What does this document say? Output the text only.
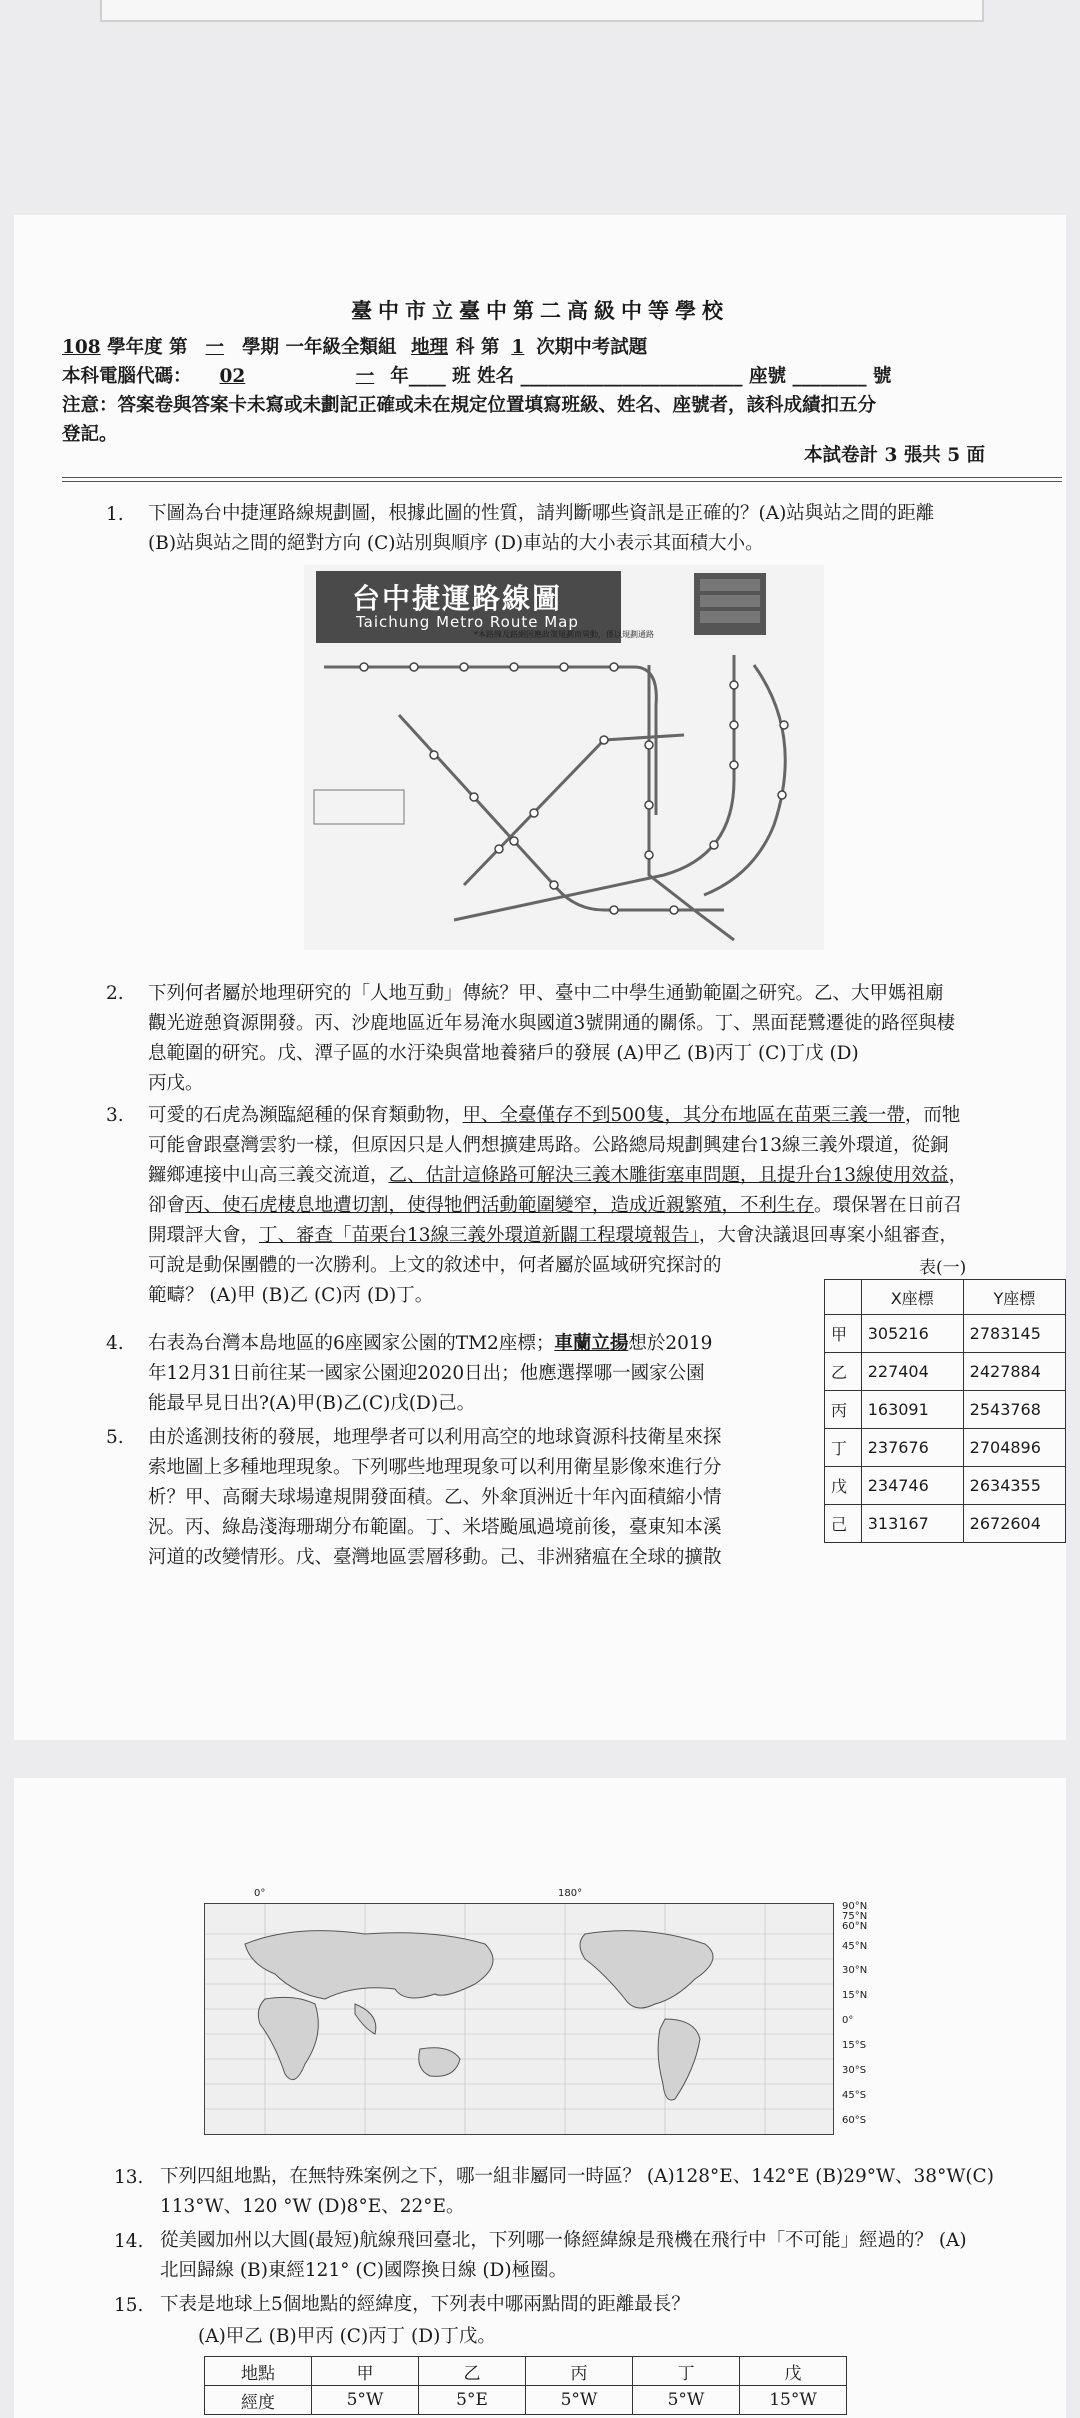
臺中市立臺中第二高級中等學校

108 學年度 第 一 學期 一年級全類組 地理 科 第 1 次期中考試題

本科電腦代碼： 02	一 年____ 班 姓名 ________________________ 座號 ________ 號

注意：答案卷與答案卡未寫或未劃記正確或未在規定位置填寫班級、姓名、座號者，該科成績扣五分

登記。

本試卷計 3 張共 5 面

1. 下圖為台中捷運路線規劃圖，根據此圖的性質，請判斷哪些資訊是正確的？(A)站與站之間的距離

(B)站與站之間的絕對方向 (C)站別與順序 (D)車站的大小表示其面積大小。

台中捷運路線圖
Taichung Metro Route Map
*本路線及路網因應政策規劃而異動，係以規劃通路
2. 下列何者屬於地理研究的「人地互動」傳統？甲、臺中二中學生通勤範圍之研究。乙、大甲媽祖廟

觀光遊憩資源開發。丙、沙鹿地區近年易淹水與國道3號開通的關係。丁、黑面琵鷺遷徙的路徑與棲

息範圍的研究。戊、潭子區的水汙染與當地養豬戶的發展 (A)甲乙 (B)丙丁 (C)丁戊 (D)

丙戊。

3. 可愛的石虎為瀕臨絕種的保育類動物，甲、全臺僅存不到500隻，其分布地區在苗栗三義一帶，而牠

可能會跟臺灣雲豹一樣，但原因只是人們想擴建馬路。公路總局規劃興建台13線三義外環道，從銅

鑼鄉連接中山高三義交流道，乙、估計這條路可解決三義木雕街塞車問題，且提升台13線使用效益，

卻會丙、使石虎棲息地遭切割，使得牠們活動範圍變窄，造成近親繁殖，不利生存。環保署在日前召

開環評大會，丁、審查「苗栗台13線三義外環道新闢工程環境報告」，大會決議退回專案小組審查，

可說是動保團體的一次勝利。上文的敘述中，何者屬於區域研究探討的

範疇？ (A)甲 (B)乙 (C)丙 (D)丁。

4. 右表為台灣本島地區的6座國家公園的TM2座標；車蘭立揚想於2019

年12月31日前往某一國家公園迎2020日出；他應選擇哪一國家公園

能最早見日出?(A)甲(B)乙(C)戊(D)己。

5. 由於遙測技術的發展，地理學者可以利用高空的地球資源科技衛星來探

索地圖上多種地理現象。下列哪些地理現象可以利用衛星影像來進行分

析？甲、高爾夫球場違規開發面積。乙、外傘頂洲近十年內面積縮小情

況。丙、綠島淺海珊瑚分布範圍。丁、米塔颱風過境前後，臺東知本溪

河道的改變情形。戊、臺灣地區雲層移動。己、非洲豬瘟在全球的擴散

表(一)
	X座標	Y座標
甲	305216	2783145
乙	227404	2427884
丙	163091	2543768
丁	237676	2704896
戊	234746	2634355
己	313167	2672604
0°	180°
90°N
75°N
60°N
45°N
30°N
15°N
0°
15°S
30°S
45°S
60°S
13. 下列四組地點，在無特殊案例之下，哪一組非屬同一時區？ (A)128°E、142°E (B)29°W、38°W(C)

113°W、120 °W (D)8°E、22°E。

14. 從美國加州以大圓(最短)航線飛回臺北，下列哪一條經緯線是飛機在飛行中「不可能」經過的？ (A)

北回歸線 (B)東經121° (C)國際換日線 (D)極圈。

15. 下表是地球上5個地點的經緯度，下列表中哪兩點間的距離最長？

(A)甲乙 (B)甲丙 (C)丙丁 (D)丁戊。

地點	甲	乙	丙	丁	戊
經度	5°W	5°E	5°W	5°W	15°W
